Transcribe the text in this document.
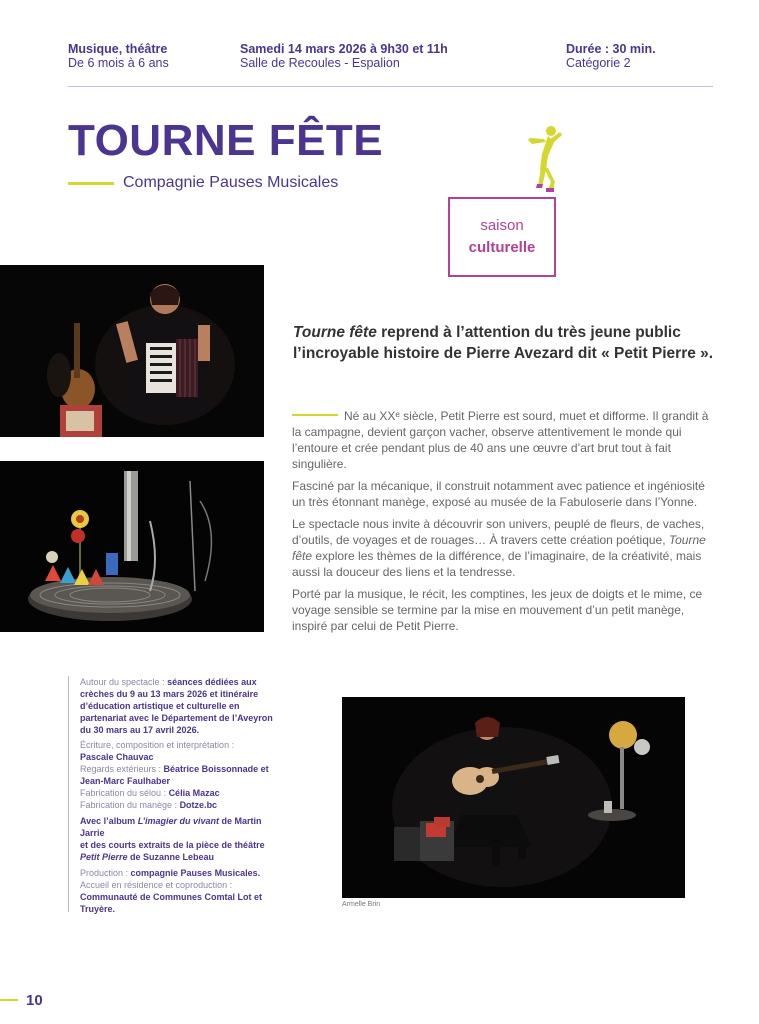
Musique, théâtre
De 6 mois à 6 ans
Samedi 14 mars 2026 à 9h30 et 11h
Salle de Recoules - Espalion
Durée : 30 min.
Catégorie 2
TOURNE FÊTE
Compagnie Pauses Musicales
saison
culturelle
Tourne fête reprend à l’attention du très jeune public l’incroyable histoire de Pierre Avezard dit « Petit Pierre ».

Né au XXᵉ siècle, Petit Pierre est sourd, muet et difforme. Il grandit à la campagne, devient garçon vacher, observe attentivement le monde qui l’entoure et crée pendant plus de 40 ans une œuvre d’art brut tout à fait singulière.

Fasciné par la mécanique, il construit notamment avec patience et ingéniosité un très étonnant manège, exposé au musée de la Fabuloserie dans l’Yonne.

Le spectacle nous invite à découvrir son univers, peuplé de fleurs, de vaches, d’outils, de voyages et de rouages… À travers cette création poétique, Tourne fête explore les thèmes de la différence, de l’imaginaire, de la créativité, mais aussi la douceur des liens et la tendresse.

Porté par la musique, le récit, les comptines, les jeux de doigts et le mime, ce voyage sensible se termine par la mise en mouvement d’un petit manège, inspiré par celui de Petit Pierre.

Autour du spectacle : séances dédiées aux crèches du 9 au 13 mars 2026 et itinéraire d’éducation artistique et culturelle en partenariat avec le Département de l’Aveyron du 30 mars au 17 avril 2026.
Écriture, composition et interprétation :
Pascale Chauvac
Regards extérieurs : Béatrice Boissonnade et Jean-Marc Faulhaber
Fabrication du sélou : Célia Mazac
Fabrication du manège : Dotze.bc
Avec l’album L’imagier du vivant de Martin Jarrie
et des courts extraits de la pièce de théâtre Petit Pierre de Suzanne Lebeau
Production : compagnie Pauses Musicales.
Accueil en résidence et coproduction :
Communauté de Communes Comtal Lot et Truyère.	Armelle Brin
10
